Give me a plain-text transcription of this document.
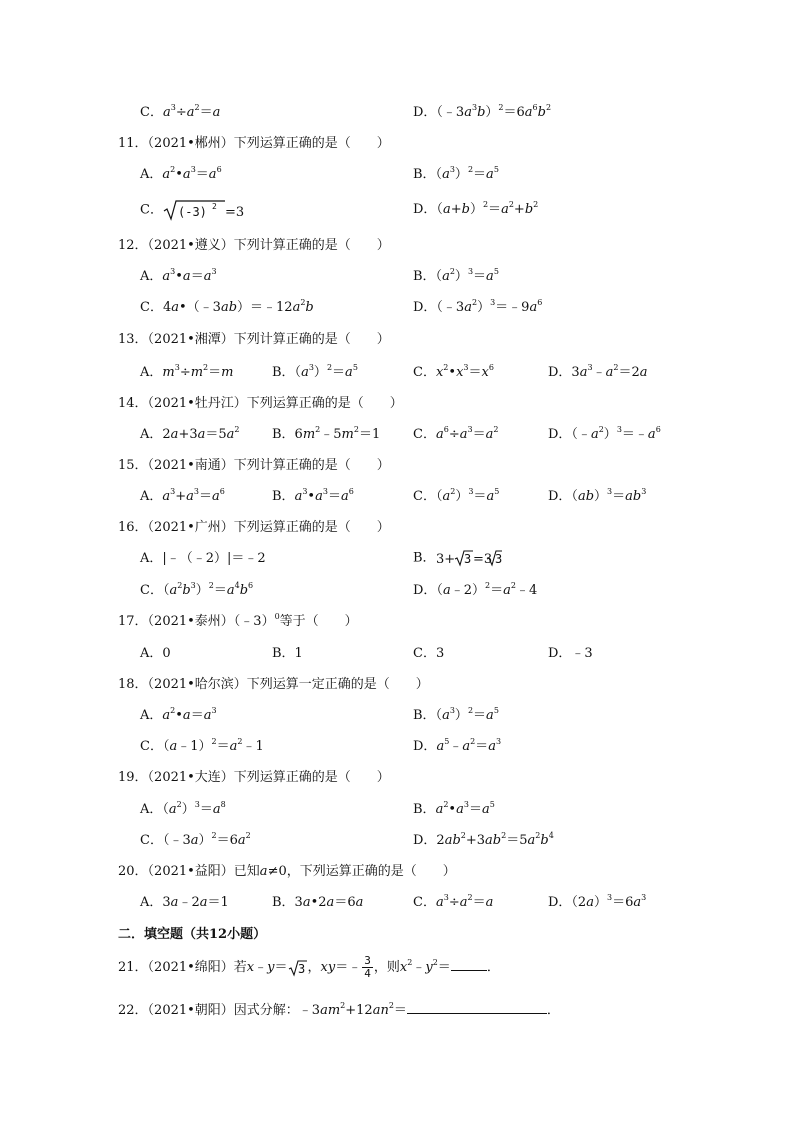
C．$a^3\div a^2=a$	D．$(﹣3a^3b)^2=6a^6b^2$
11．（2021•郴州）下列运算正确的是（　　）
A．$a^2•a^3=a^6$	B．$(a^3)^2=a^5$
C． (-3) 2 =3	D．$(a+b)^2=a^2+b^2$
12．（2021•遵义）下列计算正确的是（　　）
A．$a^3•a=a^3$	B．$(a^2)^3=a^5$
C．$4a•(﹣3ab)=﹣12a^2b$	D．$(﹣3a^2)^3=﹣9a^6$
13．（2021•湘潭）下列计算正确的是（　　）
A．$m^3\div m^2=m$	B．$(a^3)^2=a^5$	C．$x^2•x^3=x^6$	D．$3a^3﹣a^2=2a$
14．（2021•牡丹江）下列运算正确的是（　　）
A．$2a+3a=5a^2$ B．$6m^2﹣5m^2=1$	C．$a^6\div a^3=a^2$	D．$(﹣a^2)^3=﹣a^6$
15．（2021•南通）下列计算正确的是（　　）
A．$a^3+a^3=a^6$	B．$a^3•a^3=a^6$	C．$(a^2)^3=a^5$	D．$(ab)^3=ab^3$
16．（2021•广州）下列运算正确的是（　　）
A．|﹣（﹣2）|＝﹣2	B． 3+ 3 =3 3
C．$(a^2b^3)^2=a^4b^6$	D．$(a﹣2)^2=a^2﹣4$
17．（2021•泰州）（﹣3）$^0$等于（　　）
A．0	B．1	C．3	D．﹣3
18．（2021•哈尔滨）下列运算一定正确的是（　　）
A．$a^2•a=a^3$	B．$(a^3)^2=a^5$
C．$(a﹣1)^2=a^2﹣1$	D．$a^5﹣a^2=a^3$
19．（2021•大连）下列运算正确的是（　　）
A．$(a^2)^3=a^8$	B．$a^2•a^3=a^5$
C．$(﹣3a)^2=6a^2$	D．$2ab^2+3ab^2=5a^2b^4$
20．（2021•益阳）已知a≠0，下列运算正确的是（　　）
A．3a﹣2a＝1	B．3a•2a＝6a	C．$a^3\div a^2=a$	D．$(2a)^3=6a^3$
二．填空题（共12小题）
21．（2021•绵阳）若x﹣y＝ 3 ，xy＝﹣ $\frac{3}{4}$ ，则$x^2﹣y^2=$	．
22．（2021•朝阳）因式分解：$﹣3am^2+12an^2=$	．
